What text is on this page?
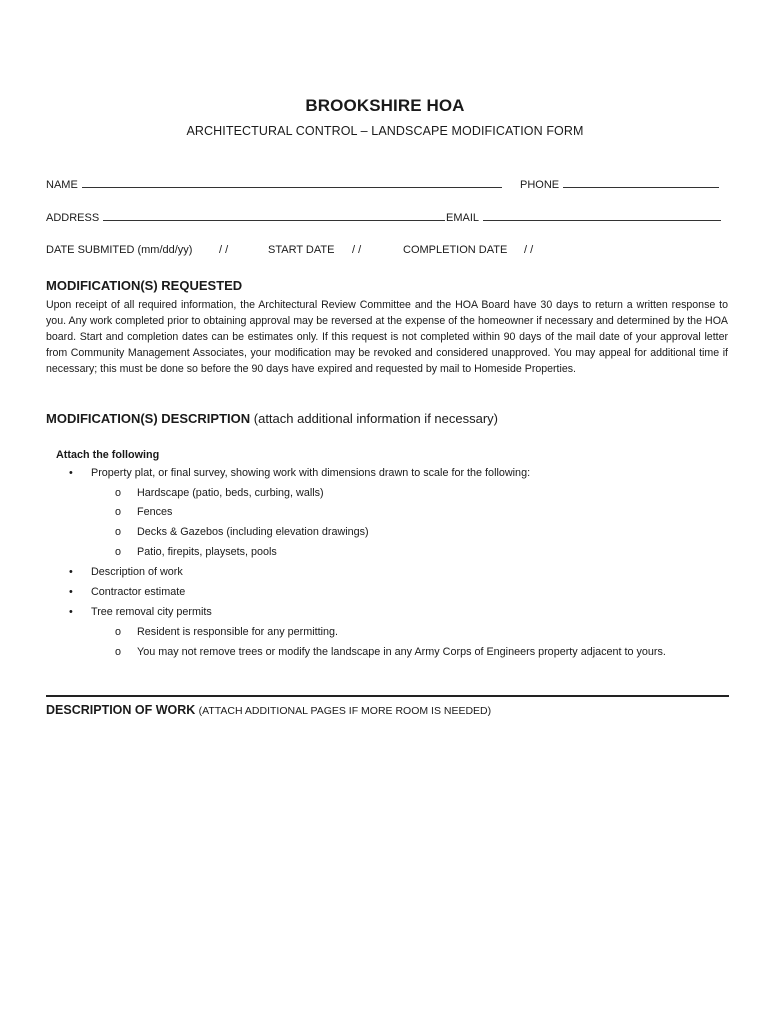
BROOKSHIRE HOA
ARCHITECTURAL CONTROL – LANDSCAPE MODIFICATION FORM
NAME	PHONE
ADDRESS	EMAIL
DATE SUBMITED (mm/dd/yy) / /	START DATE / /	COMPLETION DATE / /
MODIFICATION(S) REQUESTED
Upon receipt of all required information, the Architectural Review Committee and the HOA Board have 30 days to return a written response to you. Any work completed prior to obtaining approval may be reversed at the expense of the homeowner if necessary and determined by the HOA board. Start and completion dates can be estimates only. If this request is not completed within 90 days of the mail date of your approval letter from Community Management Associates, your modification may be revoked and considered unapproved. You may appeal for additional time if necessary; this must be done so before the 90 days have expired and requested by mail to Homeside Properties.
MODIFICATION(S) DESCRIPTION (attach additional information if necessary)
Attach the following
• Property plat, or final survey, showing work with dimensions drawn to scale for the following:
o Hardscape (patio, beds, curbing, walls)
o Fences
o Decks & Gazebos (including elevation drawings)
o Patio, firepits, playsets, pools
• Description of work
• Contractor estimate
• Tree removal city permits
o Resident is responsible for any permitting.
o You may not remove trees or modify the landscape in any Army Corps of Engineers property adjacent to yours.
DESCRIPTION OF WORK (ATTACH ADDITIONAL PAGES IF MORE ROOM IS NEEDED)
